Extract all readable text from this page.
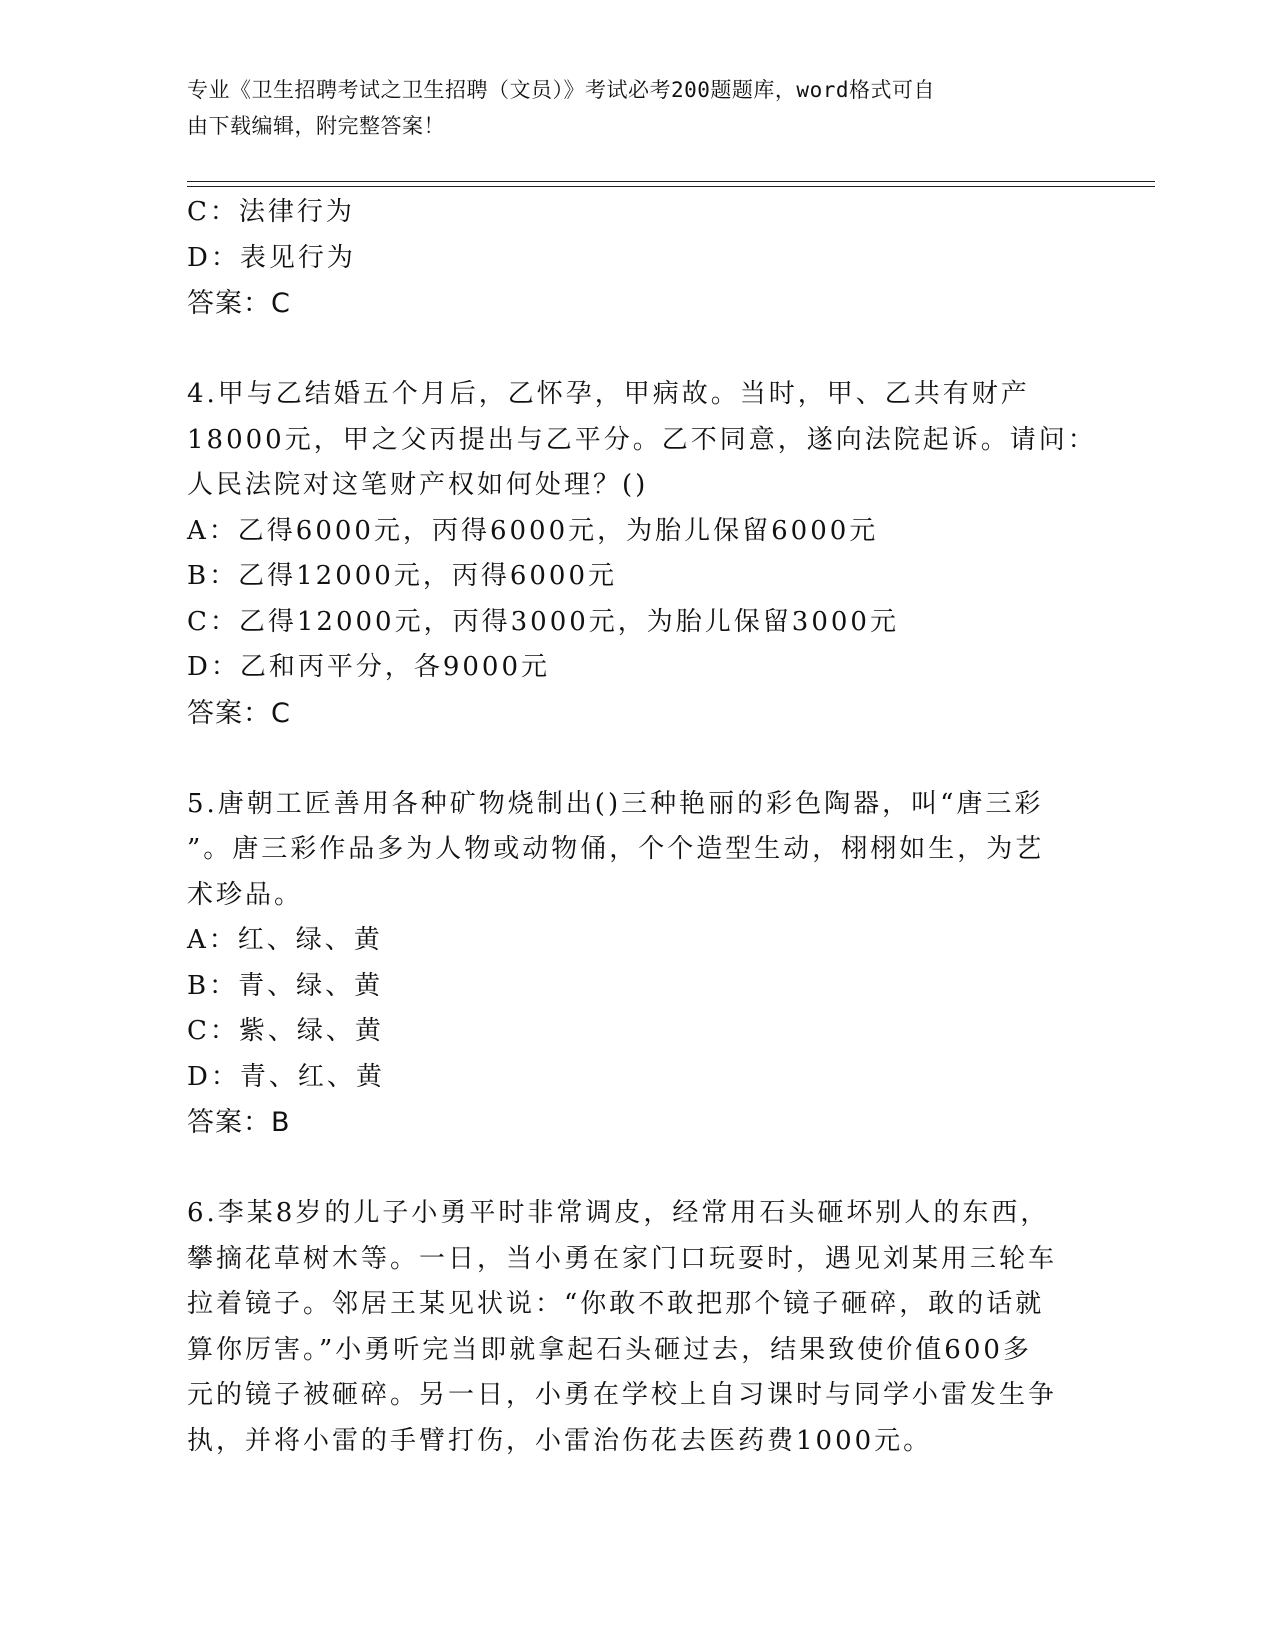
专业《卫生招聘考试之卫生招聘（文员）》考试必考200题题库，word格式可自
由下载编辑，附完整答案！
C：法律行为
D：表见行为
答案：C
4.甲与乙结婚五个月后，乙怀孕，甲病故。当时，甲、乙共有财产
18000元，甲之父丙提出与乙平分。乙不同意，遂向法院起诉。请问：
人民法院对这笔财产权如何处理？()
A：乙得6000元，丙得6000元，为胎儿保留6000元
B：乙得12000元，丙得6000元
C：乙得12000元，丙得3000元，为胎儿保留3000元
D：乙和丙平分，各9000元
答案：C
5.唐朝工匠善用各种矿物烧制出()三种艳丽的彩色陶器，叫“唐三彩
”。唐三彩作品多为人物或动物俑，个个造型生动，栩栩如生，为艺
术珍品。
A：红、绿、黄
B：青、绿、黄
C：紫、绿、黄
D：青、红、黄
答案：B
6.李某8岁的儿子小勇平时非常调皮，经常用石头砸坏别人的东西，
攀摘花草树木等。一日，当小勇在家门口玩耍时，遇见刘某用三轮车
拉着镜子。邻居王某见状说：“你敢不敢把那个镜子砸碎，敢的话就
算你厉害。”小勇听完当即就拿起石头砸过去，结果致使价值600多
元的镜子被砸碎。另一日，小勇在学校上自习课时与同学小雷发生争
执，并将小雷的手臂打伤，小雷治伤花去医药费1000元。
